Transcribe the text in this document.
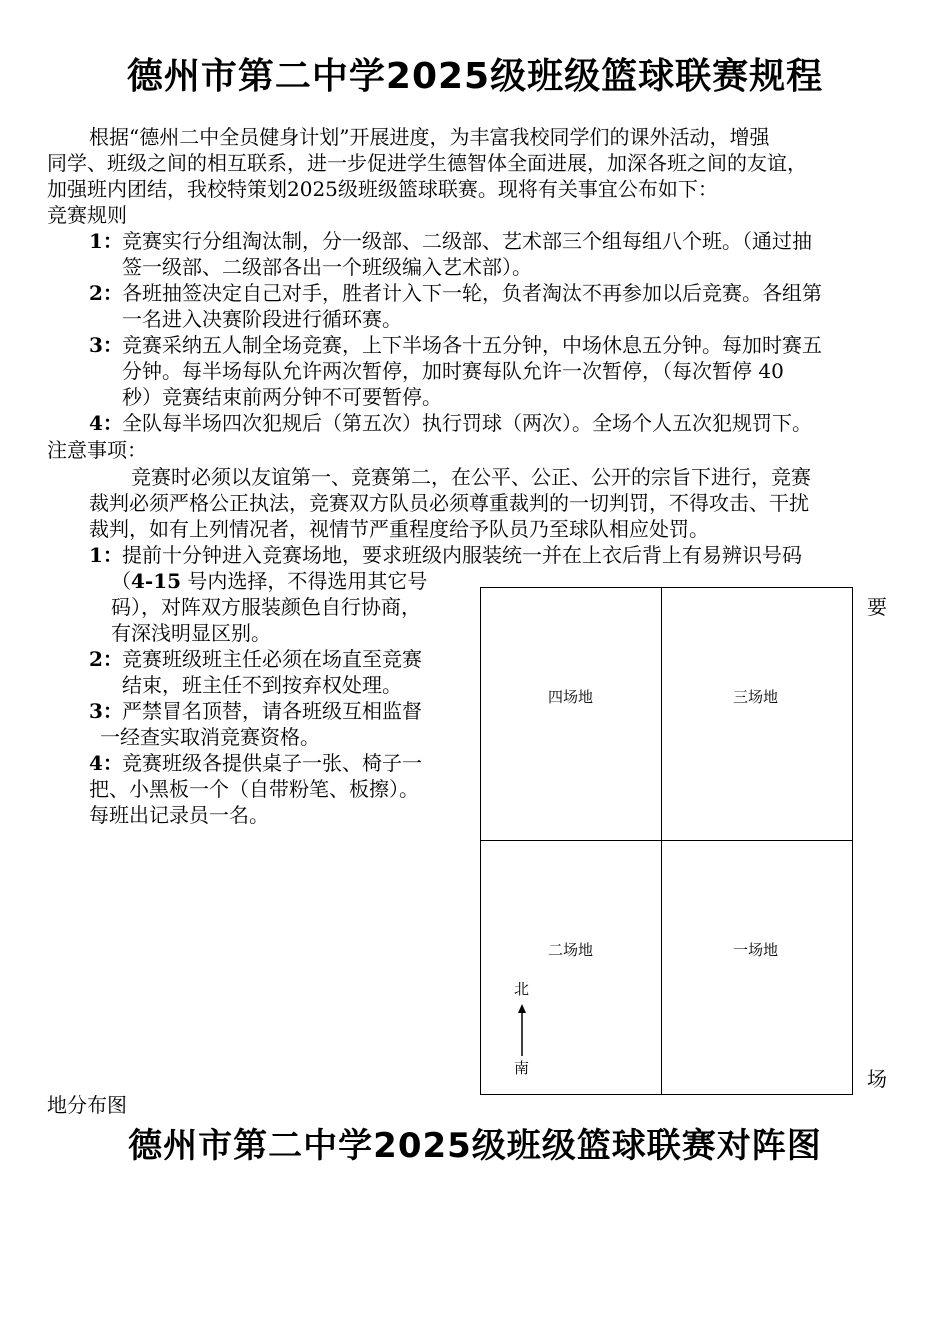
德州市第二中学2025级班级篮球联赛规程
根据“德州二中全员健身计划”开展进度，为丰富我校同学们的课外活动，增强
同学、班级之间的相互联系，进一步促进学生德智体全面进展，加深各班之间的友谊，
加强班内团结，我校特策划2025级班级篮球联赛。现将有关事宜公布如下：
竞赛规则
1： 竞赛实行分组淘汰制，分一级部、二级部、艺术部三个组每组八个班。（通过抽
签一级部、二级部各出一个班级编入艺术部）。
2： 各班抽签决定自己对手，胜者计入下一轮，负者淘汰不再参加以后竞赛。各组第
一名进入决赛阶段进行循环赛。
3： 竞赛采纳五人制全场竞赛，上下半场各十五分钟，中场休息五分钟。每加时赛五
分钟。每半场每队允许两次暂停，加时赛每队允许一次暂停，（每次暂停 40
秒）竞赛结束前两分钟不可要暂停。
4： 全队每半场四次犯规后（第五次）执行罚球（两次）。全场个人五次犯规罚下。
注意事项：
竞赛时必须以友谊第一、竞赛第二，在公平、公正、公开的宗旨下进行，竞赛
裁判必须严格公正执法，竞赛双方队员必须尊重裁判的一切判罚，不得攻击、干扰
裁判，如有上列情况者，视情节严重程度给予队员乃至球队相应处罚。
1： 提前十分钟进入竞赛场地，要求班级内服装统一并在上衣后背上有易辨识号码
（4-15 号内选择，不得选用其它号
码），对阵双方服装颜色自行协商，	要
有深浅明显区别。
2： 竞赛班级班主任必须在场直至竞赛
结束，班主任不到按弃权处理。
3： 严禁冒名顶替，请各班级互相监督
一经查实取消竞赛资格。
4： 竞赛班级各提供桌子一张、椅子一
把、小黑板一个（自带粉笔、板擦）。
每班出记录员一名。
四场地	三场地
二场地	一场地
北
南	场
地分布图
德州市第二中学2025级班级篮球联赛对阵图
